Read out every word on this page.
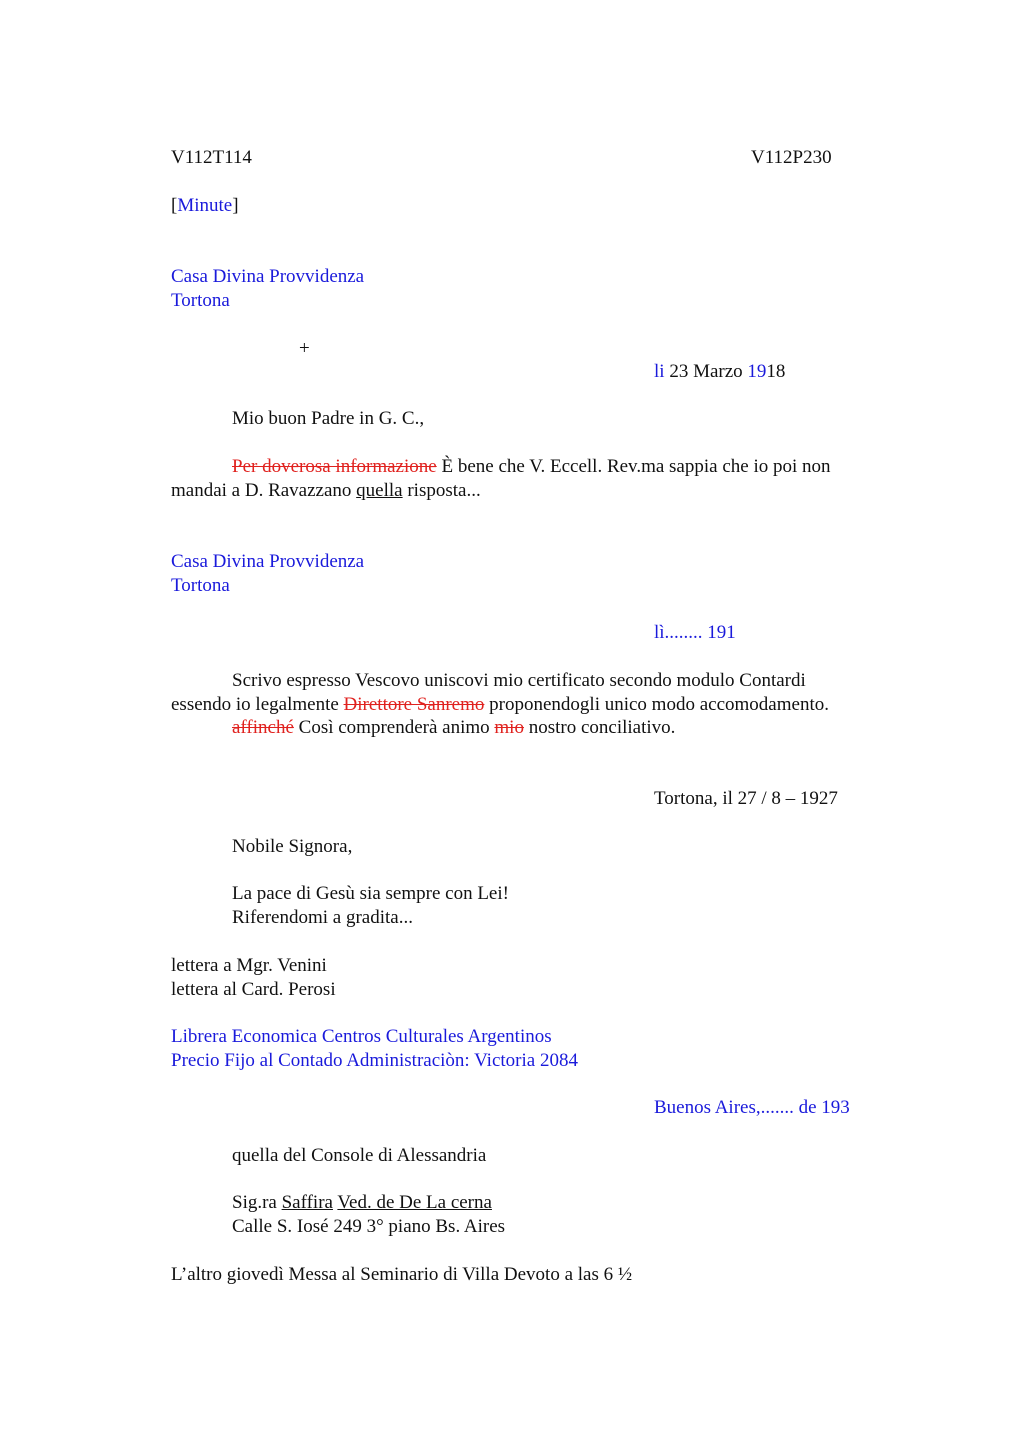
V112T114	V112P230

[Minute]

Casa Divina Provvidenza

Tortona

+

li 23 Marzo 1918

Mio buon Padre in G. C.,

Per doverosa informazione È bene che V. Eccell. Rev.ma sappia che io poi non

mandai a D. Ravazzano quella risposta...

Casa Divina Provvidenza

Tortona

lì........ 191

Scrivo espresso Vescovo uniscovi mio certificato secondo modulo Contardi

essendo io legalmente Direttore Sanremo proponendogli unico modo accomodamento.

affinché Così comprenderà animo mio nostro conciliativo.

Tortona, il 27 / 8 – 1927

Nobile Signora,

La pace di Gesù sia sempre con Lei!

Riferendomi a gradita...

lettera a Mgr. Venini

lettera al Card. Perosi

Librera Economica Centros Culturales Argentinos

Precio Fijo al Contado Administraciòn: Victoria 2084

Buenos Aires,....... de 193

quella del Console di Alessandria

Sig.ra Saffira Ved. de De La cerna

Calle S. Iosé 249 3° piano Bs. Aires

L’altro giovedì Messa al Seminario di Villa Devoto a las 6 ½
